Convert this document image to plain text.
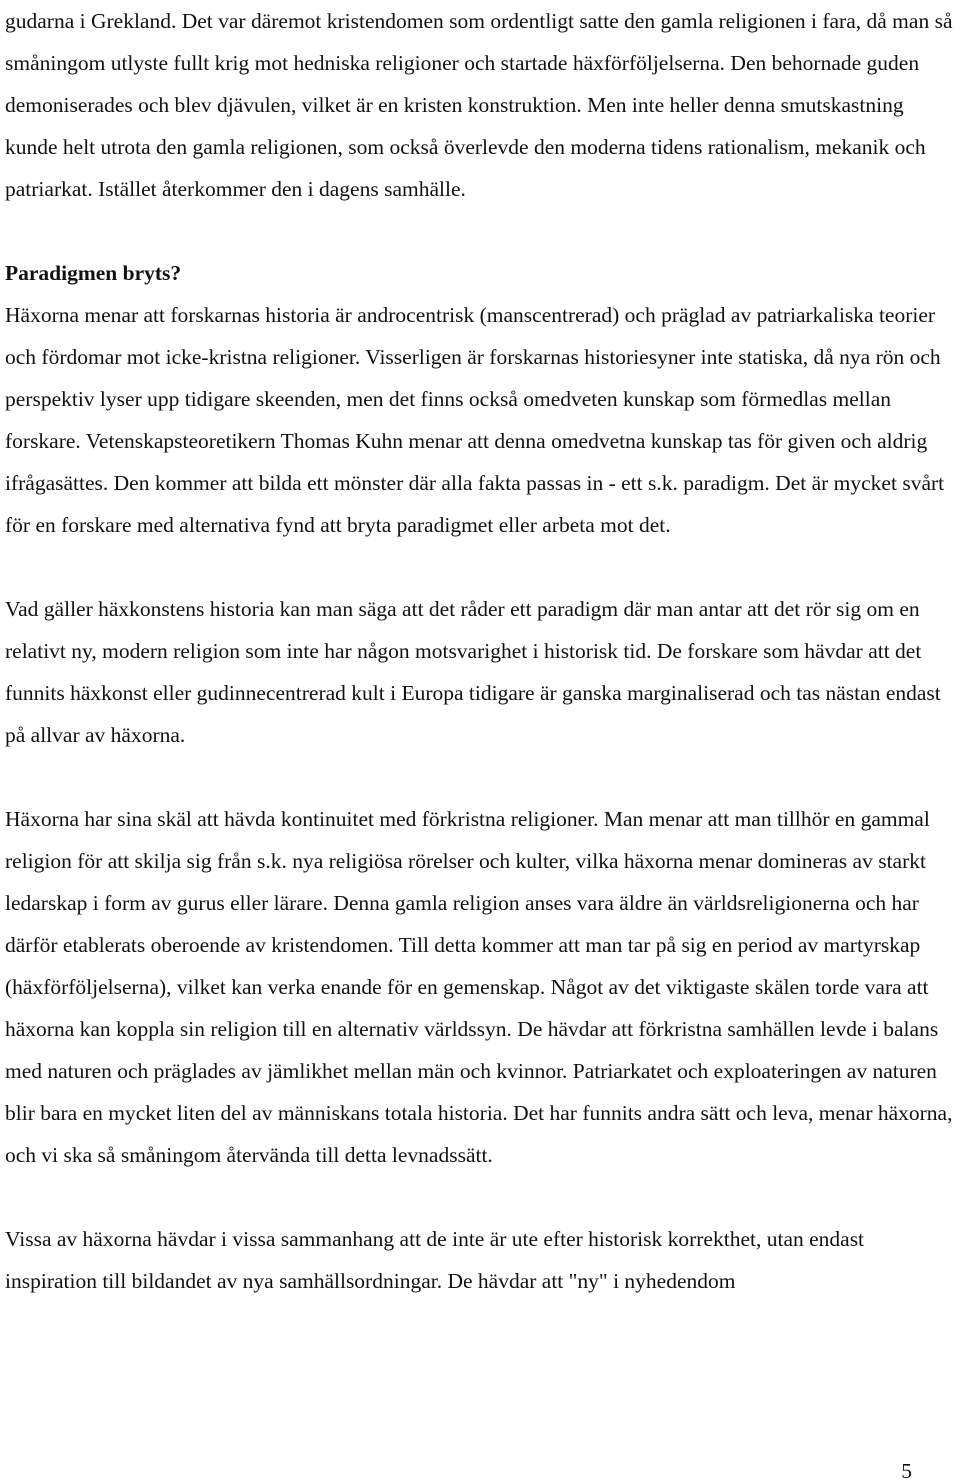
gudarna i Grekland. Det var däremot kristendomen som ordentligt satte den gamla religionen i fara, då man så småningom utlyste fullt krig mot hedniska religioner och startade häxförföljelserna. Den behornade guden demoniserades och blev djävulen, vilket är en kristen konstruktion. Men inte heller denna smutskastning kunde helt utrota den gamla religionen, som också överlevde den moderna tidens rationalism, mekanik och patriarkat. Istället återkommer den i dagens samhälle.

Paradigmen bryts?

Häxorna menar att forskarnas historia är androcentrisk (manscentrerad) och präglad av patriarkaliska teorier och fördomar mot icke-kristna religioner. Visserligen är forskarnas historiesyner inte statiska, då nya rön och perspektiv lyser upp tidigare skeenden, men det finns också omedveten kunskap som förmedlas mellan forskare. Vetenskapsteoretikern Thomas Kuhn menar att denna omedvetna kunskap tas för given och aldrig ifrågasättes. Den kommer att bilda ett mönster där alla fakta passas in - ett s.k. paradigm. Det är mycket svårt för en forskare med alternativa fynd att bryta paradigmet eller arbeta mot det.

Vad gäller häxkonstens historia kan man säga att det råder ett paradigm där man antar att det rör sig om en relativt ny, modern religion som inte har någon motsvarighet i historisk tid. De forskare som hävdar att det funnits häxkonst eller gudinnecentrerad kult i Europa tidigare är ganska marginaliserad och tas nästan endast på allvar av häxorna.

Häxorna har sina skäl att hävda kontinuitet med förkristna religioner. Man menar att man tillhör en gammal religion för att skilja sig från s.k. nya religiösa rörelser och kulter, vilka häxorna menar domineras av starkt ledarskap i form av gurus eller lärare. Denna gamla religion anses vara äldre än världsreligionerna och har därför etablerats oberoende av kristendomen. Till detta kommer att man tar på sig en period av martyrskap (häxförföljelserna), vilket kan verka enande för en gemenskap. Något av det viktigaste skälen torde vara att häxorna kan koppla sin religion till en alternativ världssyn. De hävdar att förkristna samhällen levde i balans med naturen och präglades av jämlikhet mellan män och kvinnor. Patriarkatet och exploateringen av naturen blir bara en mycket liten del av människans totala historia. Det har funnits andra sätt och leva, menar häxorna, och vi ska så småningom återvända till detta levnadssätt.

Vissa av häxorna hävdar i vissa sammanhang att de inte är ute efter historisk korrekthet, utan endast inspiration till bildandet av nya samhällsordningar. De hävdar att "ny" i nyhedendom

5
